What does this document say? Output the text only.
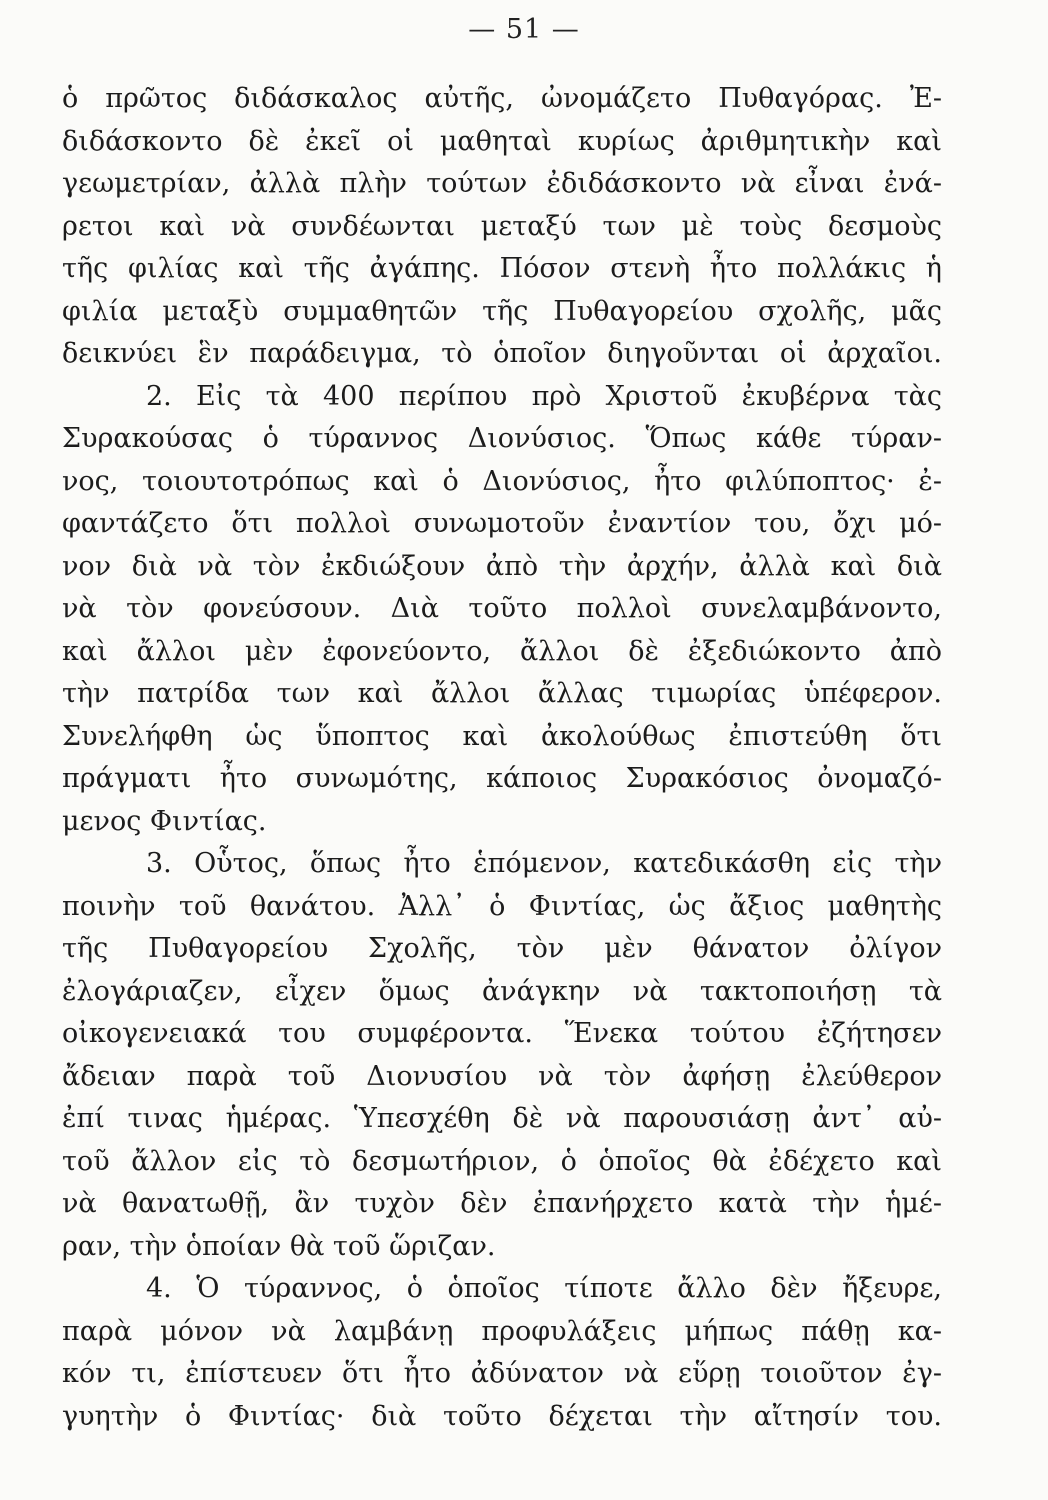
— 51 —
ὁ πρῶτος διδάσκαλος αὐτῆς, ὠνομάζετο Πυθαγόρας. Ἐ-
διδάσκοντο δὲ ἐκεῖ οἱ μαθηταὶ κυρίως ἀριθμητικὴν καὶ
γεωμετρίαν, ἀλλὰ πλὴν τούτων ἐδιδάσκοντο νὰ εἶναι ἐνά-
ρετοι καὶ νὰ συνδέωνται μεταξύ των μὲ τοὺς δεσμοὺς
τῆς φιλίας καὶ τῆς ἀγάπης. Πόσον στενὴ ἦτο πολλάκις ἡ
φιλία μεταξὺ συμμαθητῶν τῆς Πυθαγορείου σχολῆς, μᾶς
δεικνύει ἓν παράδειγμα, τὸ ὁποῖον διηγοῦνται οἱ ἀρχαῖοι.
2. Εἰς τὰ 400 περίπου πρὸ Χριστοῦ ἐκυβέρνα τὰς
Συρακούσας ὁ τύραννος Διονύσιος. Ὅπως κάθε τύραν-
νος, τοιουτοτρόπως καὶ ὁ Διονύσιος, ἦτο φιλύποπτος· ἐ-
φαντάζετο ὅτι πολλοὶ συνωμοτοῦν ἐναντίον του, ὄχι μό-
νον διὰ νὰ τὸν ἐκδιώξουν ἀπὸ τὴν ἀρχήν, ἀλλὰ καὶ διὰ
νὰ τὸν φονεύσουν. Διὰ τοῦτο πολλοὶ συνελαμβάνοντο,
καὶ ἄλλοι μὲν ἐφονεύοντο, ἄλλοι δὲ ἐξεδιώκοντο ἀπὸ
τὴν πατρίδα των καὶ ἄλλοι ἄλλας τιμωρίας ὑπέφερον.
Συνελήφθη ὡς ὕποπτος καὶ ἀκολούθως ἐπιστεύθη ὅτι
πράγματι ἦτο συνωμότης, κάποιος Συρακόσιος ὀνομαζό-
μενος Φιντίας.
3. Οὗτος, ὅπως ἦτο ἑπόμενον, κατεδικάσθη εἰς τὴν
ποινὴν τοῦ θανάτου. Ἀλλ᾽ ὁ Φιντίας, ὡς ἄξιος μαθητὴς
τῆς Πυθαγορείου Σχολῆς, τὸν μὲν θάνατον ὀλίγον
ἐλογάριαζεν, εἶχεν ὅμως ἀνάγκην νὰ τακτοποιήσῃ τὰ
οἰκογενειακά του συμφέροντα. Ἕνεκα τούτου ἐζήτησεν
ἄδειαν παρὰ τοῦ Διονυσίου νὰ τὸν ἀφήσῃ ἐλεύθερον
ἐπί τινας ἡμέρας. Ὑπεσχέθη δὲ νὰ παρουσιάσῃ ἀντ᾽ αὐ-
τοῦ ἄλλον εἰς τὸ δεσμωτήριον, ὁ ὁποῖος θὰ ἐδέχετο καὶ
νὰ θανατωθῇ, ἂν τυχὸν δὲν ἐπανήρχετο κατὰ τὴν ἡμέ-
ραν, τὴν ὁποίαν θὰ τοῦ ὥριζαν.
4. Ὁ τύραννος, ὁ ὁποῖος τίποτε ἄλλο δὲν ἤξευρε,
παρὰ μόνον νὰ λαμβάνῃ προφυλάξεις μήπως πάθῃ κα-
κόν τι, ἐπίστευεν ὅτι ἦτο ἀδύνατον νὰ εὕρῃ τοιοῦτον ἐγ-
γυητὴν ὁ Φιντίας· διὰ τοῦτο δέχεται τὴν αἴτησίν του.
